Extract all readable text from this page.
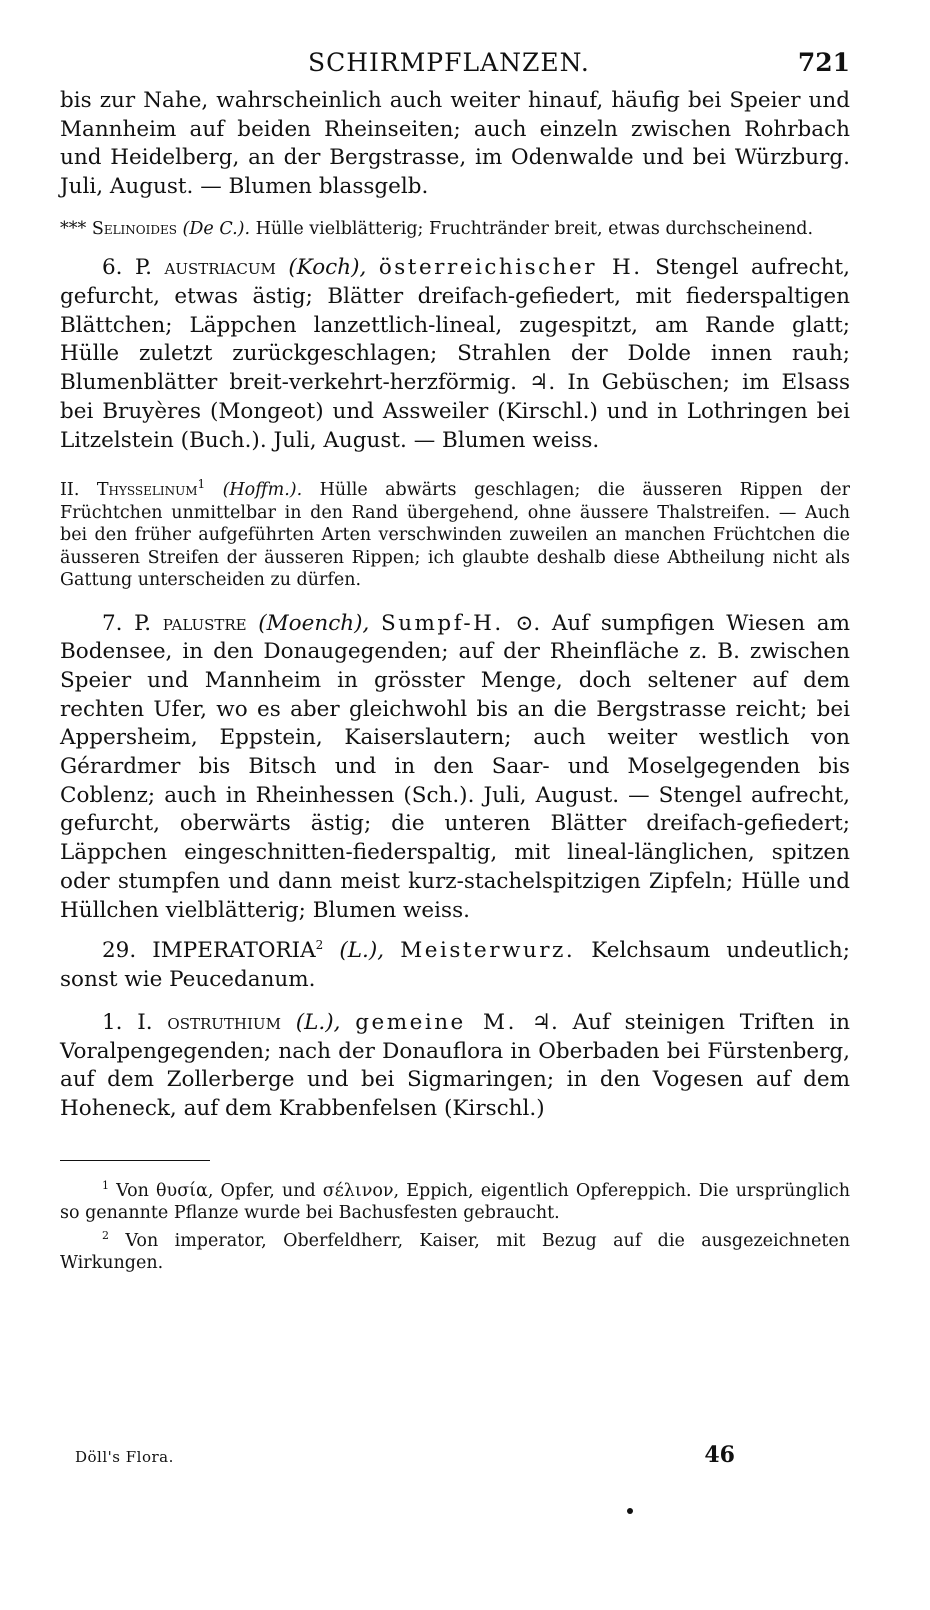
SCHIRMPFLANZEN.	721

bis zur Nahe, wahrscheinlich auch weiter hinauf, häufig bei Speier und Mannheim auf beiden Rheinseiten; auch einzeln zwischen Rohrbach und Heidelberg, an der Bergstrasse, im Odenwalde und bei Würzburg. Juli, August. — Blumen blassgelb.

*** Selinoides (De C.). Hülle vielblätterig; Fruchtränder breit, etwas durchscheinend.

6. P. austriacum (Koch), österreichischer H. Stengel aufrecht, gefurcht, etwas ästig; Blätter dreifach-gefiedert, mit fiederspaltigen Blättchen; Läppchen lanzettlich-lineal, zugespitzt, am Rande glatt; Hülle zuletzt zurückgeschlagen; Strahlen der Dolde innen rauh; Blumenblätter breit-verkehrt-herzförmig. ♃. In Gebüschen; im Elsass bei Bruyères (Mongeot) und Assweiler (Kirschl.) und in Lothringen bei Litzelstein (Buch.). Juli, August. — Blumen weiss.

II. Thysselinum$^1$ (Hoffm.). Hülle abwärts geschlagen; die äusseren Rippen der Früchtchen unmittelbar in den Rand übergehend, ohne äussere Thalstreifen. — Auch bei den früher aufgeführten Arten verschwinden zuweilen an manchen Früchtchen die äusseren Streifen der äusseren Rippen; ich glaubte deshalb diese Abtheilung nicht als Gattung unterscheiden zu dürfen.

7. P. palustre (Moench), Sumpf-H. ⊙. Auf sumpfigen Wiesen am Bodensee, in den Donaugegenden; auf der Rheinfläche z. B. zwischen Speier und Mannheim in grösster Menge, doch seltener auf dem rechten Ufer, wo es aber gleichwohl bis an die Bergstrasse reicht; bei Appersheim, Eppstein, Kaiserslautern; auch weiter westlich von Gérardmer bis Bitsch und in den Saar- und Moselgegenden bis Coblenz; auch in Rheinhessen (Sch.). Juli, August. — Stengel aufrecht, gefurcht, oberwärts ästig; die unteren Blätter dreifach-gefiedert; Läppchen eingeschnitten-fiederspaltig, mit lineal-länglichen, spitzen oder stumpfen und dann meist kurz-stachelspitzigen Zipfeln; Hülle und Hüllchen vielblätterig; Blumen weiss.

29. IMPERATORIA$^2$ (L.), Meisterwurz. Kelchsaum undeutlich; sonst wie Peucedanum.

1. I. ostruthium (L.), gemeine M. ♃. Auf steinigen Triften in Voralpengegenden; nach der Donauflora in Oberbaden bei Fürstenberg, auf dem Zollerberge und bei Sigmaringen; in den Vogesen auf dem Hoheneck, auf dem Krabbenfelsen (Kirschl.)

$^1$ Von θυσία, Opfer, und σέλινον, Eppich, eigentlich Opfereppich. Die ursprünglich so genannte Pflanze wurde bei Bachusfesten gebraucht.

$^2$ Von imperator, Oberfeldherr, Kaiser, mit Bezug auf die ausgezeichneten Wirkungen.

Döll's Flora.	46
